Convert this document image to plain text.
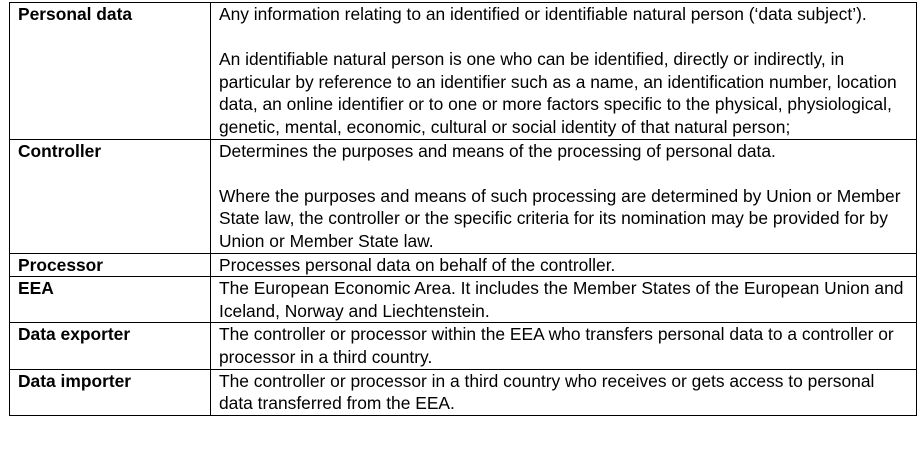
Personal data	Any information relating to an identified or identifiable natural person (‘data subject’).

An identifiable natural person is one who can be identified, directly or indirectly, in particular by reference to an identifier such as a name, an identification number, location data, an online identifier or to one or more factors specific to the physical, physiological, genetic, mental, economic, cultural or social identity of that natural person;

Controller	Determines the purposes and means of the processing of personal data.

Where the purposes and means of such processing are determined by Union or Member State law, the controller or the specific criteria for its nomination may be provided for by Union or Member State law.

Processor	Processes personal data on behalf of the controller.

EEA	The European Economic Area. It includes the Member States of the European Union and Iceland, Norway and Liechtenstein.

Data exporter	The controller or processor within the EEA who transfers personal data to a controller or processor in a third country.

Data importer	The controller or processor in a third country who receives or gets access to personal data transferred from the EEA.
